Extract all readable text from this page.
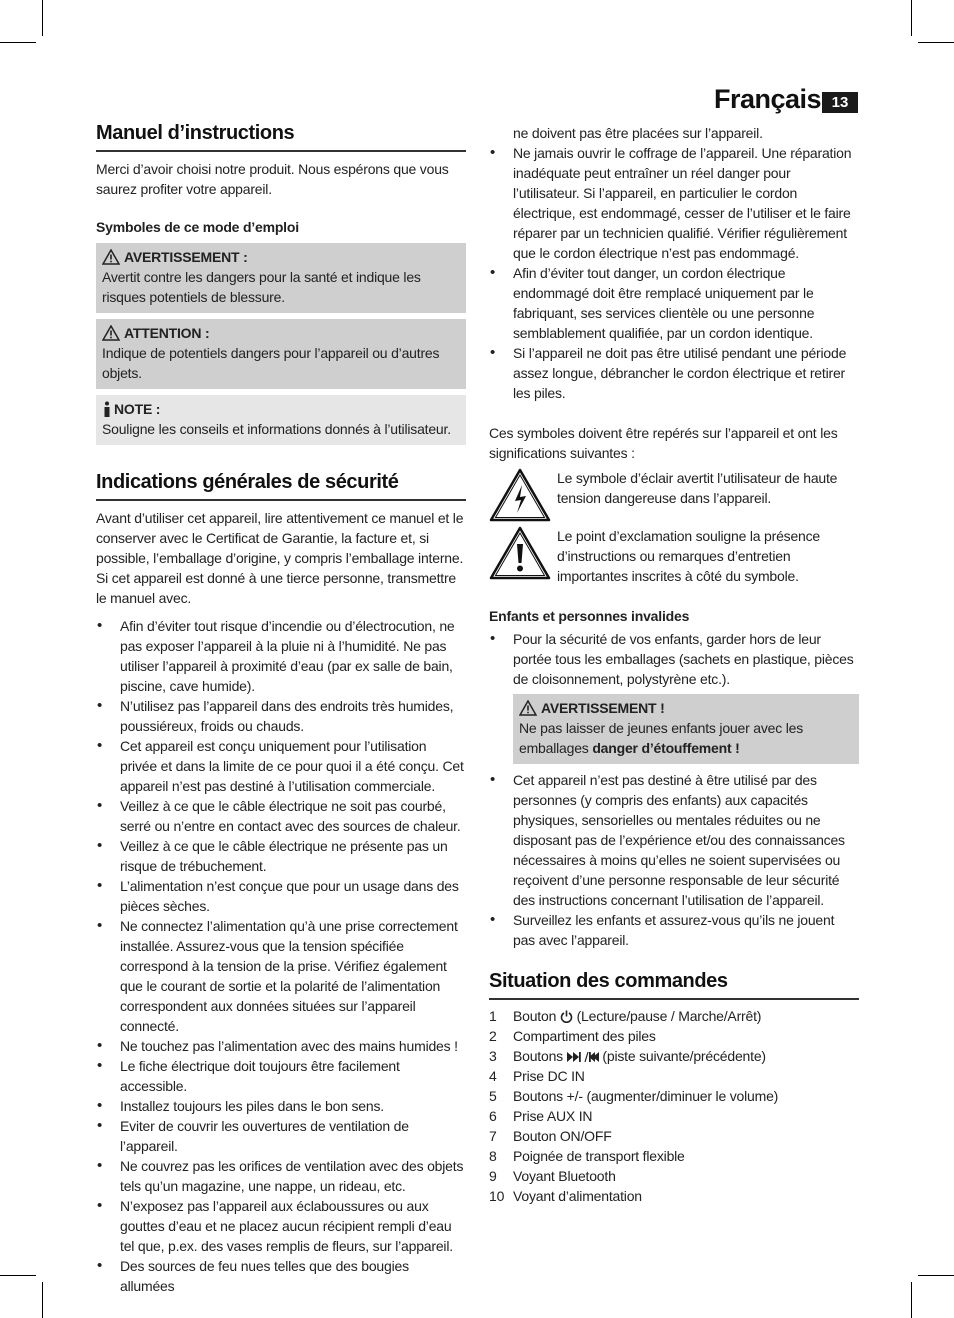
Français 13
Manuel d’instructions

Merci d’avoir choisi notre produit. Nous espérons que vous saurez profiter votre appareil.

Symboles de ce mode d’emploi

AVERTISSEMENT :
Avertit contre les dangers pour la santé et indique les risques potentiels de blessure.
ATTENTION :
Indique de potentiels dangers pour l’appareil ou d’autres objets.
NOTE :
Souligne les conseils et informations donnés à l’utilisateur.
Indications générales de sécurité

Avant d’utiliser cet appareil, lire attentivement ce manuel et le conserver avec le Certificat de Garantie, la facture et, si possible, l’emballage d’origine, y compris l’emballage interne. Si cet appareil est donné à une tierce personne, transmettre le manuel avec.

• Afin d’éviter tout risque d’incendie ou d’électrocution, ne pas exposer l’appareil à la pluie ni à l’humidité. Ne pas utiliser l’appareil à proximité d’eau (par ex salle de bain, piscine, cave humide).
• N’utilisez pas l’appareil dans des endroits très humides, poussiéreux, froids ou chauds.
• Cet appareil est conçu uniquement pour l’utilisation privée et dans la limite de ce pour quoi il a été conçu. Cet appareil n’est pas destiné à l’utilisation commerciale.
• Veillez à ce que le câble électrique ne soit pas courbé, serré ou n’entre en contact avec des sources de chaleur.
• Veillez à ce que le câble électrique ne présente pas un risque de trébuchement.
• L’alimentation n’est conçue que pour un usage dans des pièces sèches.
• Ne connectez l’alimentation qu’à une prise correctement installée. Assurez-vous que la tension spécifiée correspond à la tension de la prise. Vérifiez également que le courant de sortie et la polarité de l’alimentation correspondent aux données situées sur l’appareil connecté.
• Ne touchez pas l’alimentation avec des mains humides !
• Le fiche électrique doit toujours être facilement accessible.
• Installez toujours les piles dans le bon sens.
• Eviter de couvrir les ouvertures de ventilation de l’appareil.
• Ne couvrez pas les orifices de ventilation avec des objets tels qu’un magazine, une nappe, un rideau, etc.
• N’exposez pas l’appareil aux éclaboussures ou aux gouttes d’eau et ne placez aucun récipient rempli d’eau tel que, p.ex. des vases remplis de fleurs, sur l’appareil.
• Des sources de feu nues telles que des bougies allumées

ne doivent pas être placées sur l’appareil.

• Ne jamais ouvrir le coffrage de l’appareil. Une réparation inadéquate peut entraîner un réel danger pour l’utilisateur. Si l’appareil, en particulier le cordon électrique, est endommagé, cesser de l’utiliser et le faire réparer par un technicien qualifié. Vérifier régulièrement que le cordon électrique n’est pas endommagé.
• Afin d’éviter tout danger, un cordon électrique endommagé doit être remplacé uniquement par le fabriquant, ses services clientèle ou une personne semblablement qualifiée, par un cordon identique.
• Si l’appareil ne doit pas être utilisé pendant une période assez longue, débrancher le cordon électrique et retirer les piles.

Ces symboles doivent être repérés sur l’appareil et ont les significations suivantes :

Le symbole d’éclair avertit l’utilisateur de haute tension dangereuse dans l’appareil.

Le point d’exclamation souligne la présence d’instructions ou remarques d’entretien importantes inscrites à côté du symbole.

Enfants et personnes invalides

• Pour la sécurité de vos enfants, garder hors de leur portée tous les emballages (sachets en plastique, pièces de cloisonnement, polystyrène etc.).
AVERTISSEMENT !
Ne pas laisser de jeunes enfants jouer avec les emballages danger d’étouffement !
• Cet appareil n’est pas destiné à être utilisé par des personnes (y compris des enfants) aux capacités physiques, sensorielles ou mentales réduites ou ne disposant pas de l’expérience et/ou des connaissances nécessaires à moins qu’elles ne soient supervisées ou reçoivent d’une personne responsable de leur sécurité des instructions concernant l’utilisation de l’appareil.
• Surveillez les enfants et assurez-vous qu’ils ne jouent pas avec l’appareil.
Situation des commandes
1	Bouton (Lecture/pause / Marche/Arrêt)
2	Compartiment des piles
3	Boutons	(piste suivante/précédente)
4	Prise DC IN
5	Boutons +/- (augmenter/diminuer le volume)
6	Prise AUX IN
7	Bouton ON/OFF
8	Poignée de transport flexible
9	Voyant Bluetooth
10 Voyant d’alimentation
